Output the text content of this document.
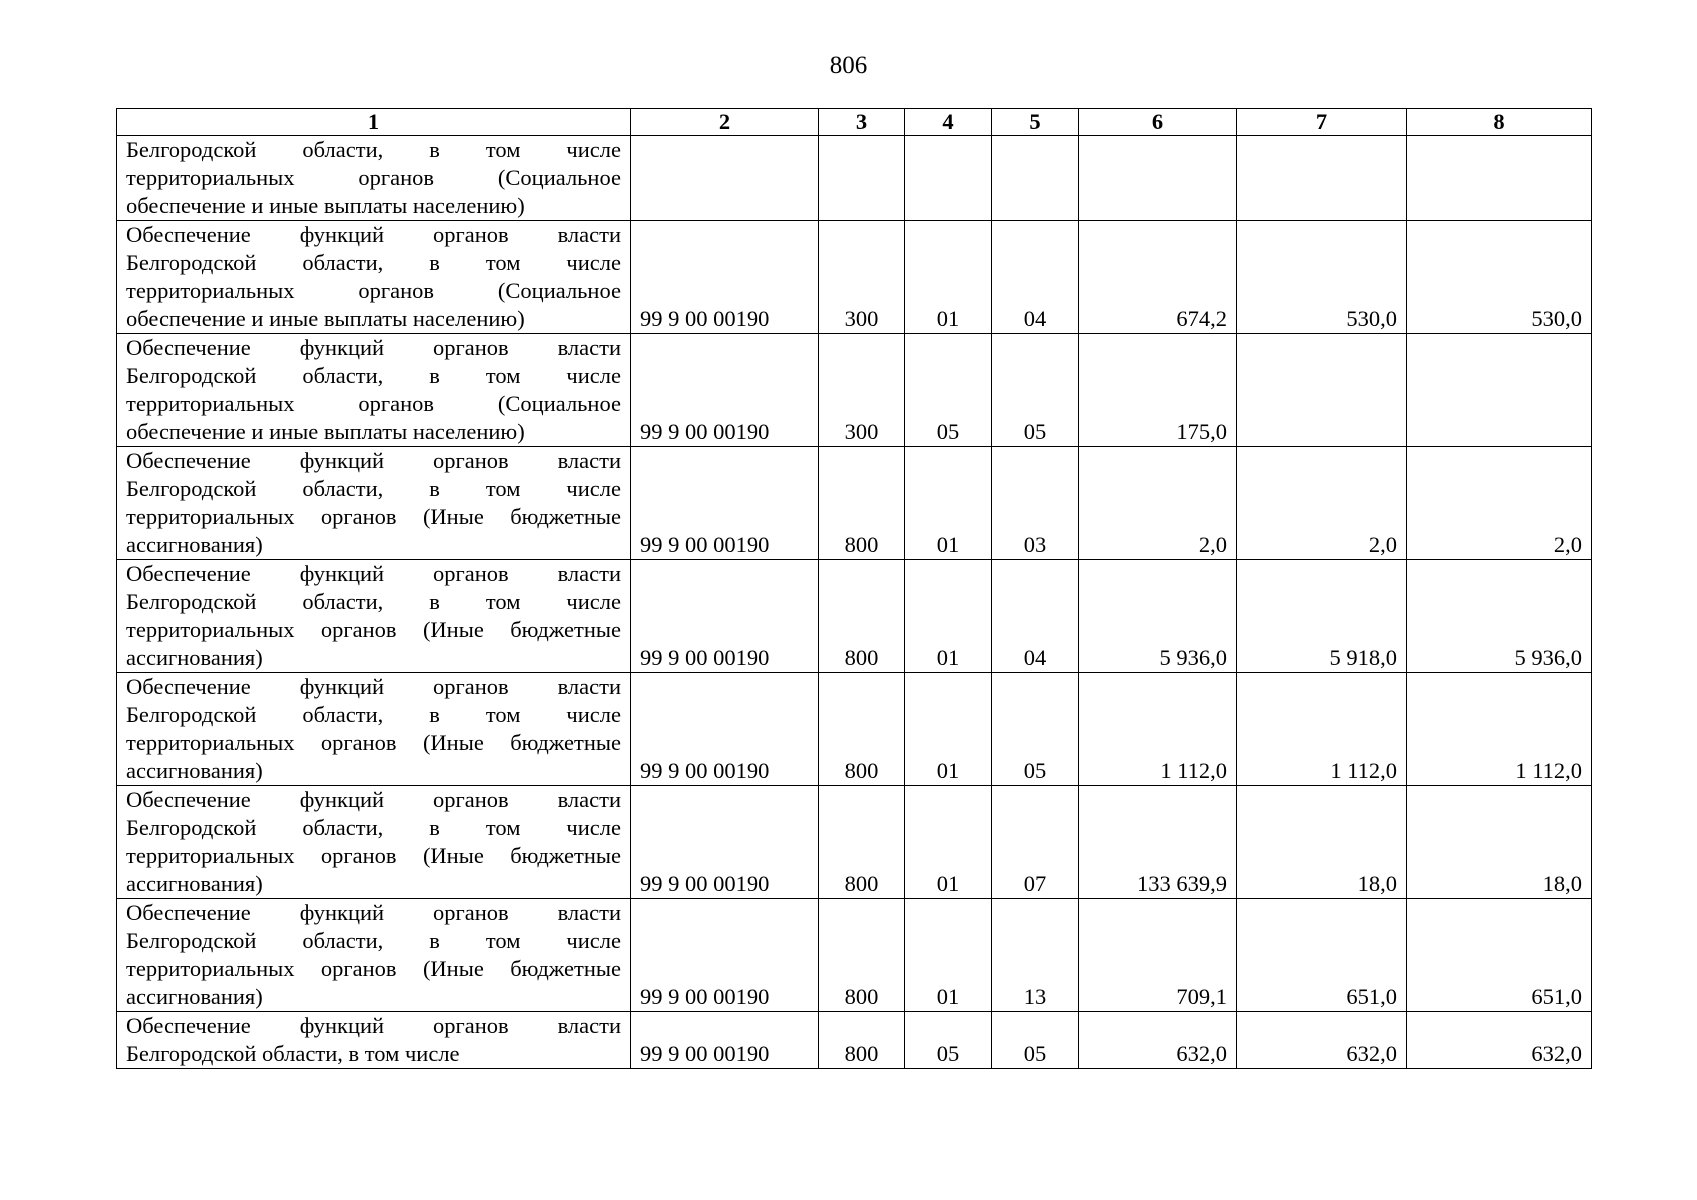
806
1	2	3	4	5	6	7	8
Белгородской области, в том числе территориальных органов (Социальное обеспечение и иные выплаты населению)							
Обеспечение функций органов власти Белгородской области, в том числе территориальных органов (Социальное обеспечение и иные выплаты населению)	99 9 00 00190	300	01	04	674,2	530,0	530,0
Обеспечение функций органов власти Белгородской области, в том числе территориальных органов (Социальное обеспечение и иные выплаты населению)	99 9 00 00190	300	05	05	175,0		
Обеспечение функций органов власти Белгородской области, в том числе территориальных органов (Иные бюджетные ассигнования)	99 9 00 00190	800	01	03	2,0	2,0	2,0
Обеспечение функций органов власти Белгородской области, в том числе территориальных органов (Иные бюджетные ассигнования)	99 9 00 00190	800	01	04	5 936,0	5 918,0	5 936,0
Обеспечение функций органов власти Белгородской области, в том числе территориальных органов (Иные бюджетные ассигнования)	99 9 00 00190	800	01	05	1 112,0	1 112,0	1 112,0
Обеспечение функций органов власти Белгородской области, в том числе территориальных органов (Иные бюджетные ассигнования)	99 9 00 00190	800	01	07	133 639,9	18,0	18,0
Обеспечение функций органов власти Белгородской области, в том числе территориальных органов (Иные бюджетные ассигнования)	99 9 00 00190	800	01	13	709,1	651,0	651,0
Обеспечение функций органов власти Белгородской области, в том числе	99 9 00 00190	800	05	05	632,0	632,0	632,0
